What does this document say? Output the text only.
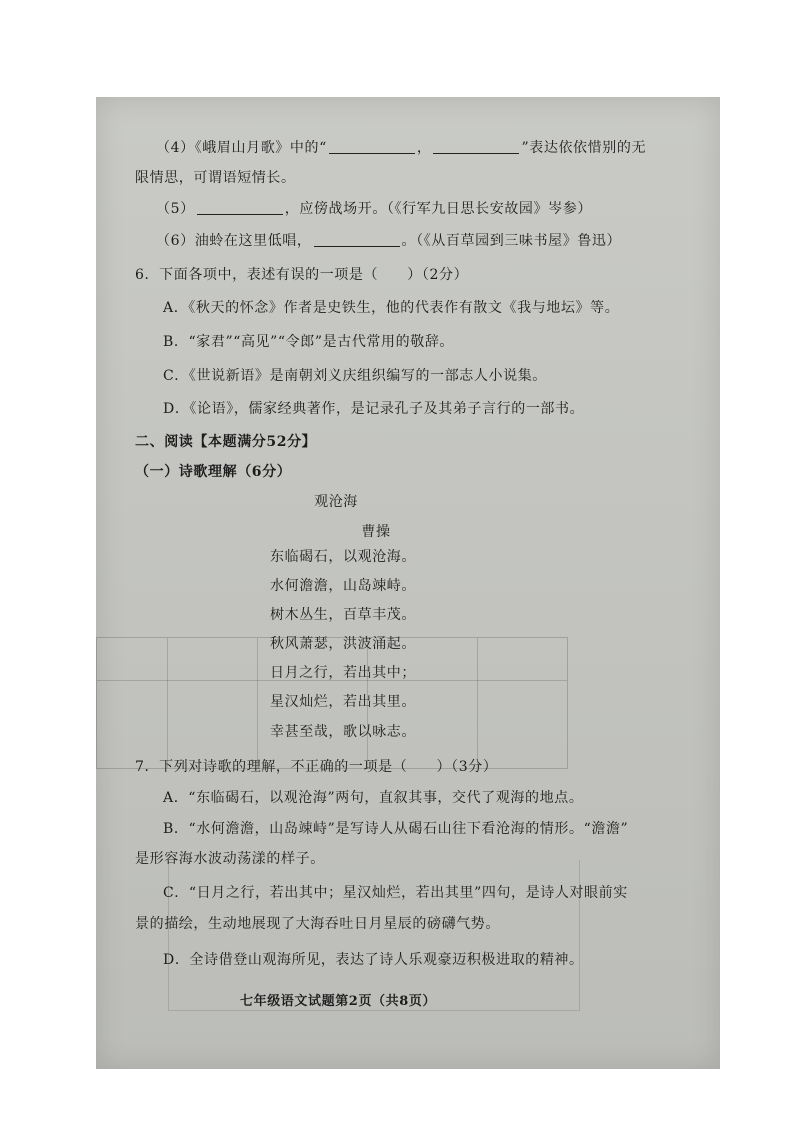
（4）《峨眉山月歌》中的“	，	”表达依依惜别的无
限情思，可谓语短情长。
（5）	，应傍战场开。（《行军九日思长安故园》岑参）
（6）油蛉在这里低唱，	。（《从百草园到三味书屋》鲁迅）
6．下面各项中，表述有误的一项是（　　）（2分）
A．《秋天的怀念》作者是史铁生，他的代表作有散文《我与地坛》等。
B．“家君”“高见”“令郎”是古代常用的敬辞。
C．《世说新语》是南朝刘义庆组织编写的一部志人小说集。
D．《论语》，儒家经典著作，是记录孔子及其弟子言行的一部书。
二、阅读【本题满分52分】
（一）诗歌理解（6分）
观沧海
曹操
东临碣石，以观沧海。
水何澹澹，山岛竦峙。
树木丛生，百草丰茂。
秋风萧瑟，洪波涌起。
日月之行，若出其中；
星汉灿烂，若出其里。
幸甚至哉，歌以咏志。
7．下列对诗歌的理解，不正确的一项是（　　）（3分）
A．“东临碣石，以观沧海”两句，直叙其事，交代了观海的地点。
B．“水何澹澹，山岛竦峙”是写诗人从碣石山往下看沧海的情形。“澹澹”
是形容海水波动荡漾的样子。
C．“日月之行，若出其中；星汉灿烂，若出其里”四句，是诗人对眼前实
景的描绘，生动地展现了大海吞吐日月星辰的磅礴气势。
D．全诗借登山观海所见，表达了诗人乐观豪迈积极进取的精神。
七年级语文试题第2页（共8页）
